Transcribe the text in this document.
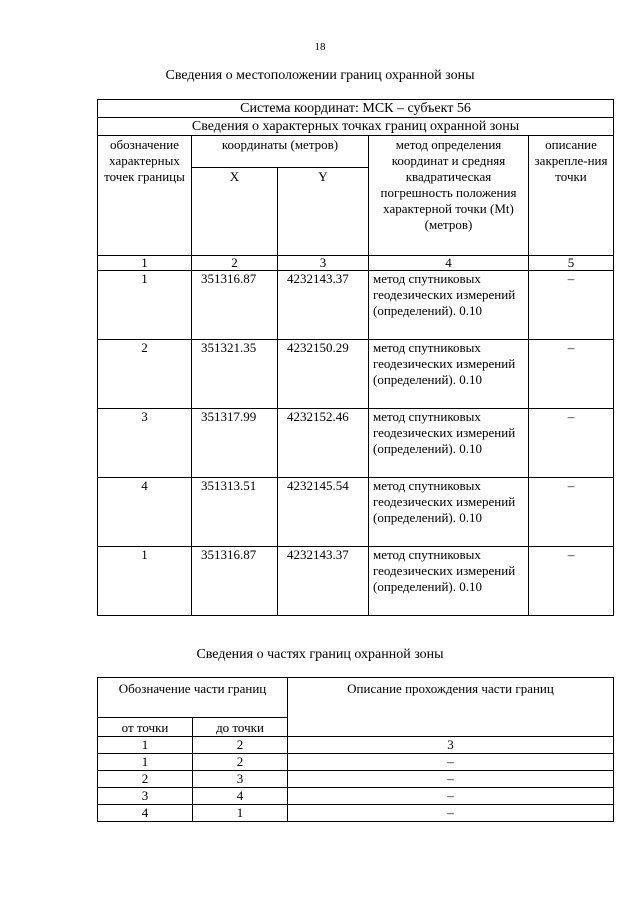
18
Сведения о местоположении границ охранной зоны
Система координат: МСК – субъект 56				
Сведения о характерных точках границ охранной зоны				
обозначение характерных точек границы	координаты (метров)		метод определения координат и средняя квадратическая погрешность положения характерной точки (Mt) (метров)	описание закрепле-ния точки
	X	Y		
1	2	3	4	5
1	351316.87	4232143.37	метод спутниковых геодезических измерений (определений). 0.10	–
2	351321.35	4232150.29	метод спутниковых геодезических измерений (определений). 0.10	–
3	351317.99	4232152.46	метод спутниковых геодезических измерений (определений). 0.10	–
4	351313.51	4232145.54	метод спутниковых геодезических измерений (определений). 0.10	–
1	351316.87	4232143.37	метод спутниковых геодезических измерений (определений). 0.10	–
Сведения о частях границ охранной зоны
Обозначение части границ		Описание прохождения части границ
от точки	до точки	
1	2	3
1	2	–
2	3	–
3	4	–
4	1	–
